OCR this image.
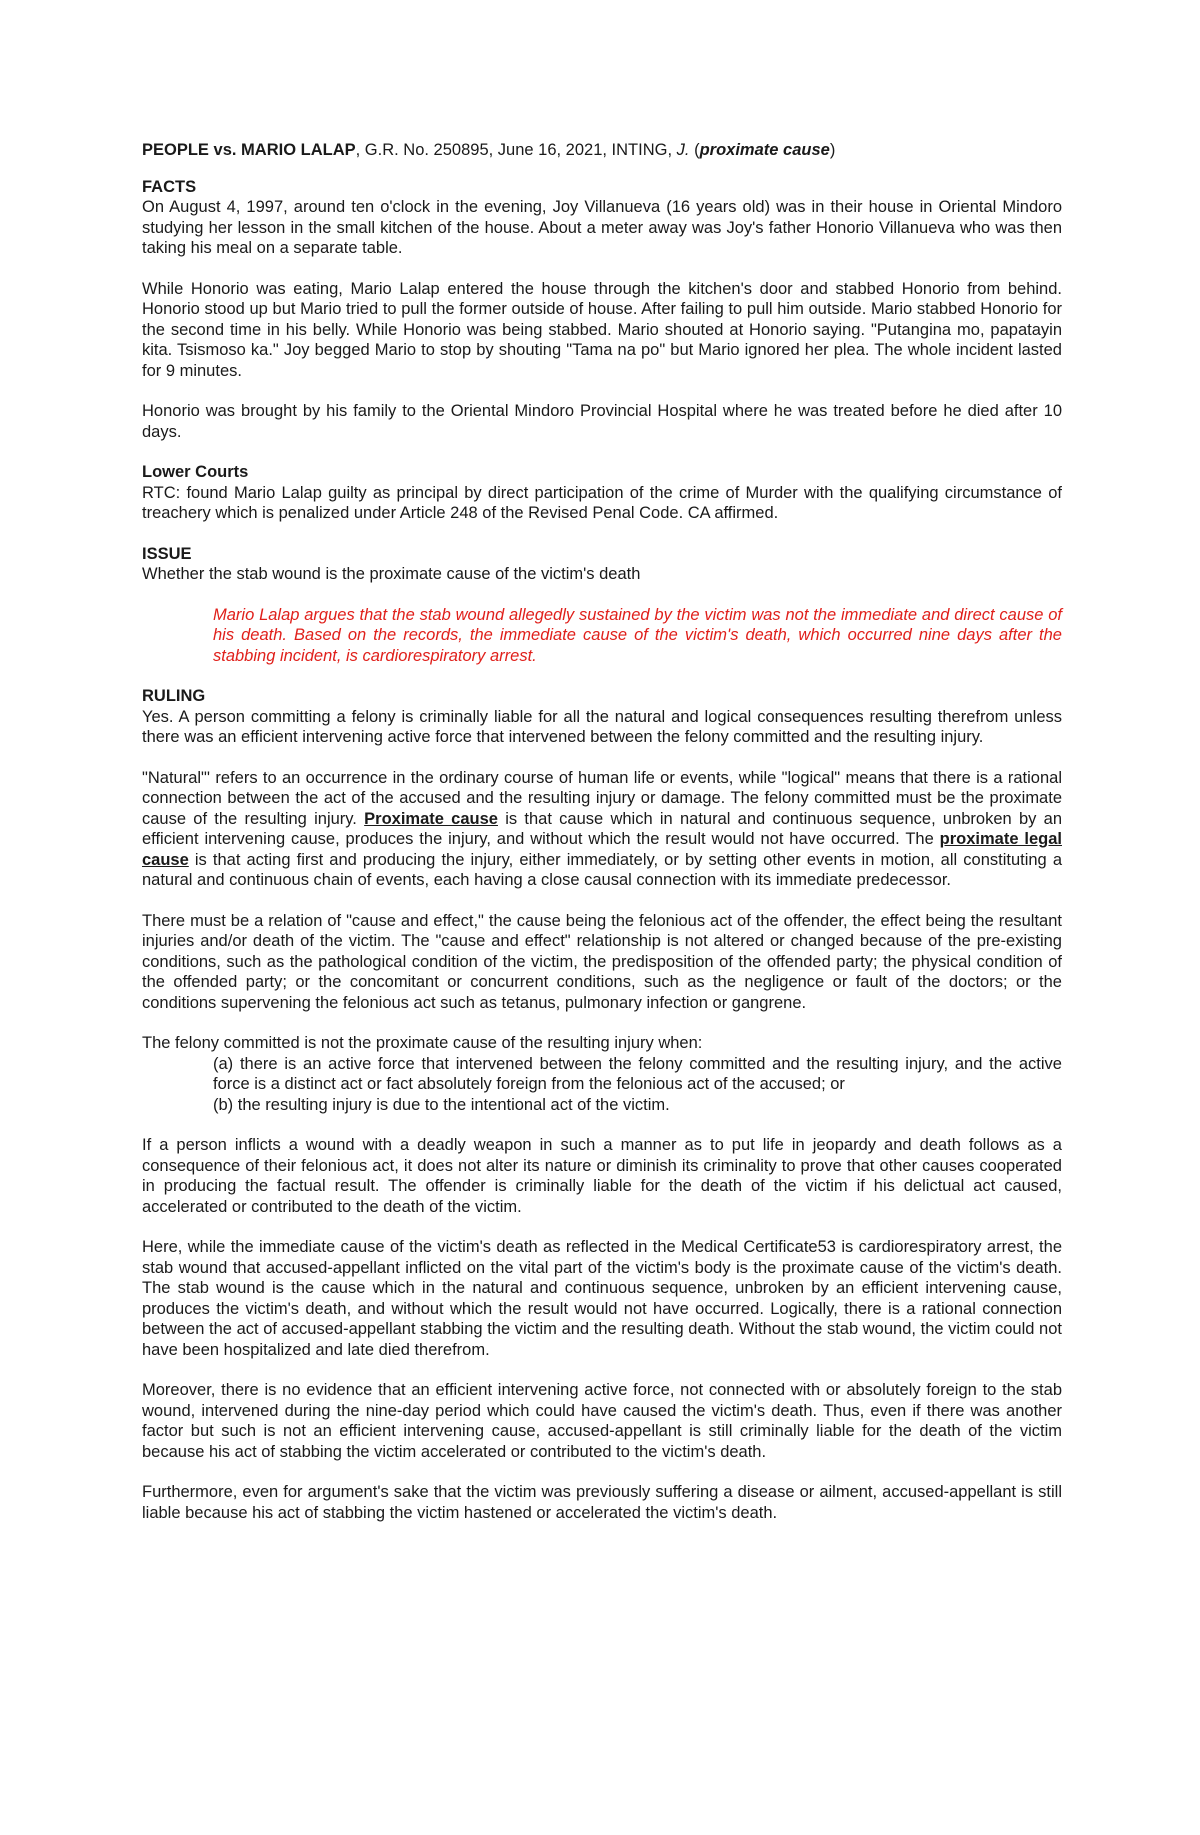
PEOPLE vs. MARIO LALAP, G.R. No. 250895, June 16, 2021, INTING, J. (proximate cause)
FACTS

On August 4, 1997, around ten o'clock in the evening, Joy Villanueva (16 years old) was in their house in Oriental Mindoro studying her lesson in the small kitchen of the house. About a meter away was Joy's father Honorio Villanueva who was then taking his meal on a separate table.

While Honorio was eating, Mario Lalap entered the house through the kitchen's door and stabbed Honorio from behind. Honorio stood up but Mario tried to pull the former outside of house. After failing to pull him outside. Mario stabbed Honorio for the second time in his belly. While Honorio was being stabbed. Mario shouted at Honorio saying. "Putangina mo, papatayin kita. Tsismoso ka." Joy begged Mario to stop by shouting "Tama na po" but Mario ignored her plea. The whole incident lasted for 9 minutes.

Honorio was brought by his family to the Oriental Mindoro Provincial Hospital where he was treated before he died after 10 days.

Lower Courts

RTC: found Mario Lalap guilty as principal by direct participation of the crime of Murder with the qualifying circumstance of treachery which is penalized under Article 248 of the Revised Penal Code. CA affirmed.

ISSUE

Whether the stab wound is the proximate cause of the victim's death

Mario Lalap argues that the stab wound allegedly sustained by the victim was not the immediate and direct cause of his death. Based on the records, the immediate cause of the victim's death, which occurred nine days after the stabbing incident, is cardiorespiratory arrest.
RULING

Yes. A person committing a felony is criminally liable for all the natural and logical consequences resulting therefrom unless there was an efficient intervening active force that intervened between the felony committed and the resulting injury.

"Natural"' refers to an occurrence in the ordinary course of human life or events, while "logical" means that there is a rational connection between the act of the accused and the resulting injury or damage. The felony committed must be the proximate cause of the resulting injury. Proximate cause is that cause which in natural and continuous sequence, unbroken by an efficient intervening cause, produces the injury, and without which the result would not have occurred. The proximate legal cause is that acting first and producing the injury, either immediately, or by setting other events in motion, all constituting a natural and continuous chain of events, each having a close causal connection with its immediate predecessor.

There must be a relation of "cause and effect," the cause being the felonious act of the offender, the effect being the resultant injuries and/or death of the victim. The "cause and effect" relationship is not altered or changed because of the pre-existing conditions, such as the pathological condition of the victim, the predisposition of the offended party; the physical condition of the offended party; or the concomitant or concurrent conditions, such as the negligence or fault of the doctors; or the conditions supervening the felonious act such as tetanus, pulmonary infection or gangrene.

The felony committed is not the proximate cause of the resulting injury when:
(a) there is an active force that intervened between the felony committed and the resulting injury, and the active force is a distinct act or fact absolutely foreign from the felonious act of the accused; or
(b) the resulting injury is due to the intentional act of the victim.

If a person inflicts a wound with a deadly weapon in such a manner as to put life in jeopardy and death follows as a consequence of their felonious act, it does not alter its nature or diminish its criminality to prove that other causes cooperated in producing the factual result. The offender is criminally liable for the death of the victim if his delictual act caused, accelerated or contributed to the death of the victim.

Here, while the immediate cause of the victim's death as reflected in the Medical Certificate53 is cardiorespiratory arrest, the stab wound that accused-appellant inflicted on the vital part of the victim's body is the proximate cause of the victim's death. The stab wound is the cause which in the natural and continuous sequence, unbroken by an efficient intervening cause, produces the victim's death, and without which the result would not have occurred. Logically, there is a rational connection between the act of accused-appellant stabbing the victim and the resulting death. Without the stab wound, the victim could not have been hospitalized and late died therefrom.

Moreover, there is no evidence that an efficient intervening active force, not connected with or absolutely foreign to the stab wound, intervened during the nine-day period which could have caused the victim's death. Thus, even if there was another factor but such is not an efficient intervening cause, accused-appellant is still criminally liable for the death of the victim because his act of stabbing the victim accelerated or contributed to the victim's death.

Furthermore, even for argument's sake that the victim was previously suffering a disease or ailment, accused-appellant is still liable because his act of stabbing the victim hastened or accelerated the victim's death.
